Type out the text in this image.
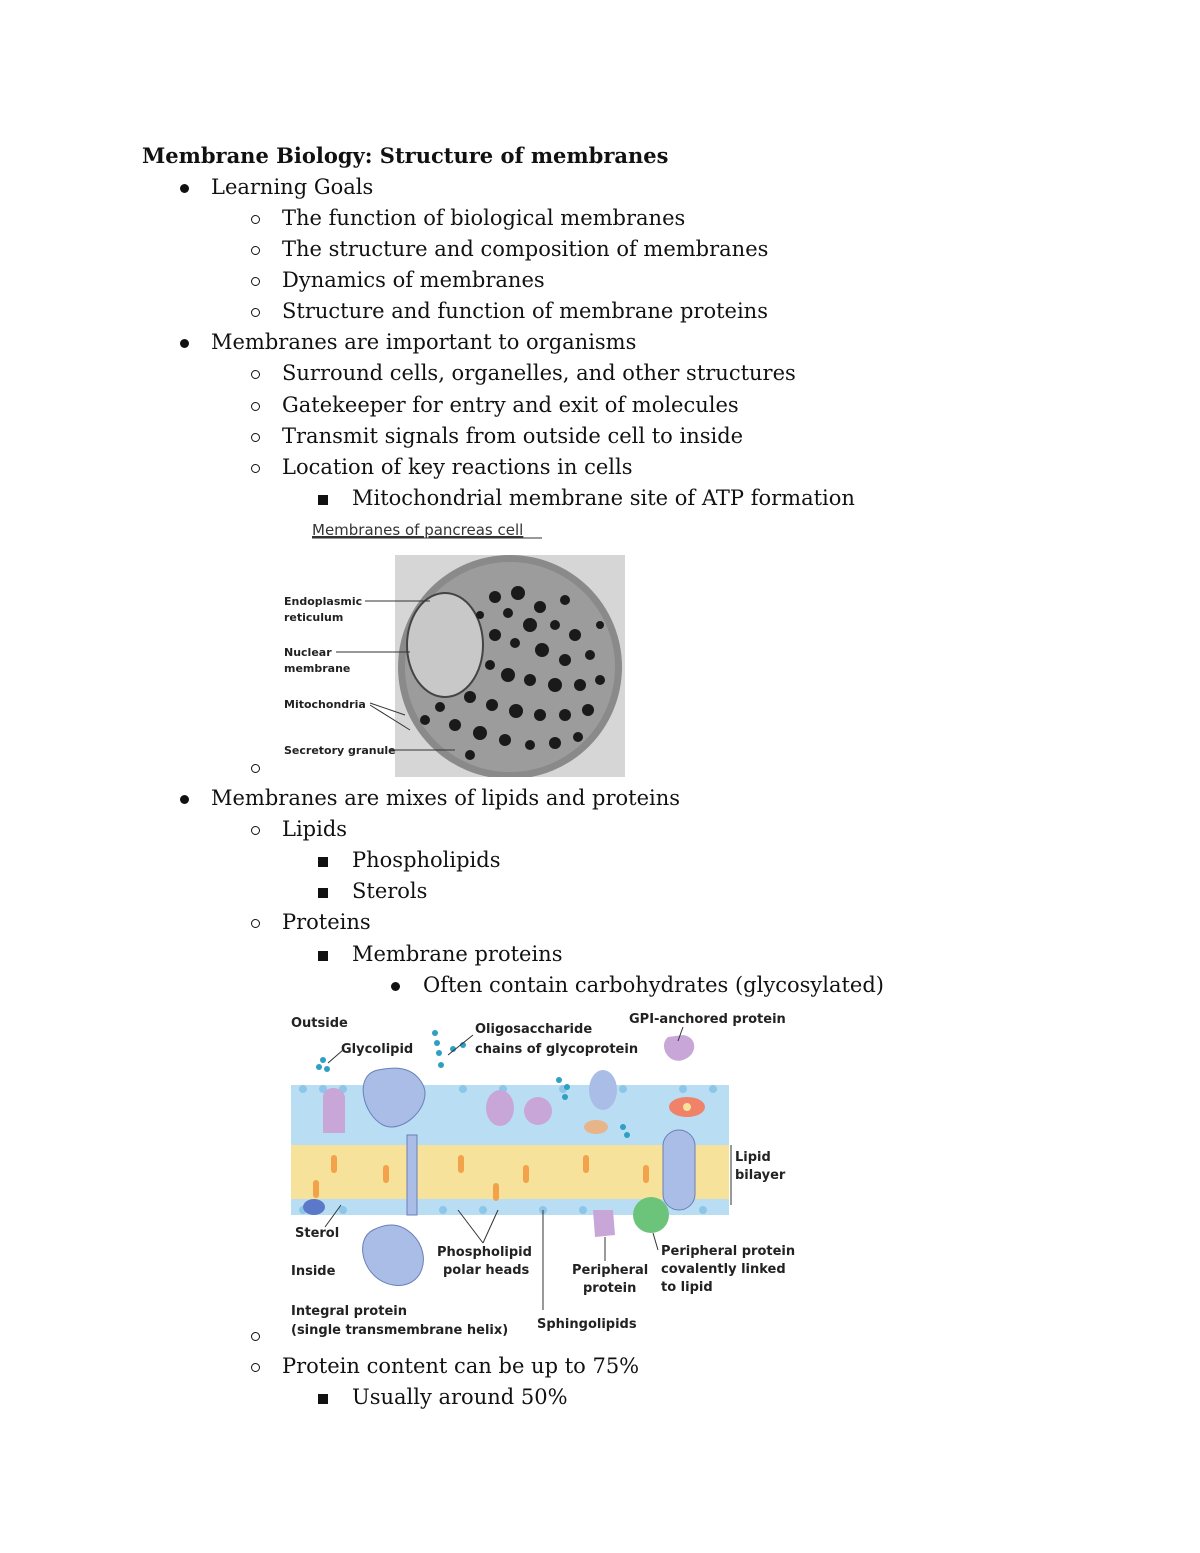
Membrane Biology: Structure of membranes
Learning Goals
The function of biological membranes
The structure and composition of membranes
Dynamics of membranes
Structure and function of membrane proteins
Membranes are important to organisms
Surround cells, organelles, and other structures
Gatekeeper for entry and exit of molecules
Transmit signals from outside cell to inside
Location of key reactions in cells
Mitochondrial membrane site of ATP formation
Membranes of pancreas cell
Endoplasmic
reticulum
Nuclear
membrane
Mitochondria
Secretory granule
Membranes are mixes of lipids and proteins
Lipids
Phospholipids
Sterols
Proteins
Membrane proteins
Often contain carbohydrates (glycosylated)
Outside
Glycolipid
Oligosaccharide
chains of glycoprotein
GPI-anchored protein
Lipid
bilayer
Sterol
Inside
Phospholipid
polar heads	Peripheral
protein
Peripheral protein
covalently linked
to lipid
Integral protein
(single transmembrane helix) Sphingolipids
Protein content can be up to 75%
Usually around 50%
